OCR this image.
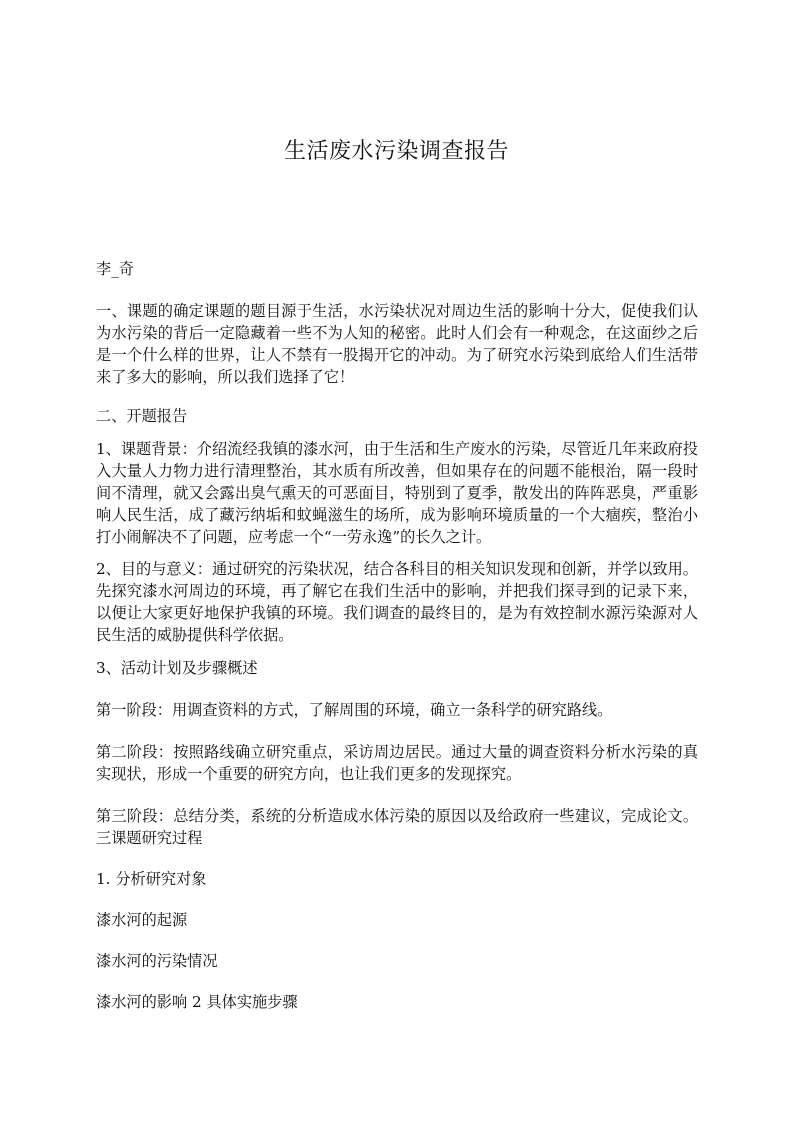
生活废水污染调查报告

李_奇

一、课题的确定课题的题目源于生活，水污染状况对周边生活的影响十分大，促使我们认为水污染的背后一定隐藏着一些不为人知的秘密。此时人们会有一种观念，在这面纱之后是一个什么样的世界，让人不禁有一股揭开它的冲动。为了研究水污染到底给人们生活带来了多大的影响，所以我们选择了它！

二、开题报告

1、课题背景：介绍流经我镇的漆水河，由于生活和生产废水的污染，尽管近几年来政府投入大量人力物力进行清理整治，其水质有所改善，但如果存在的问题不能根治，隔一段时间不清理，就又会露出臭气熏天的可恶面目，特别到了夏季，散发出的阵阵恶臭，严重影响人民生活，成了藏污纳垢和蚊蝇滋生的场所，成为影响环境质量的一个大痼疾，整治小打小闹解决不了问题，应考虑一个“一劳永逸”的长久之计。

2、目的与意义：通过研究的污染状况，结合各科目的相关知识发现和创新，并学以致用。先探究漆水河周边的环境，再了解它在我们生活中的影响，并把我们探寻到的记录下来，以便让大家更好地保护我镇的环境。我们调查的最终目的，是为有效控制水源污染源对人民生活的威胁提供科学依据。

3、活动计划及步骤概述

第一阶段：用调查资料的方式，了解周围的环境，确立一条科学的研究路线。

第二阶段：按照路线确立研究重点，采访周边居民。通过大量的调查资料分析水污染的真实现状，形成一个重要的研究方向，也让我们更多的发现探究。

第三阶段：总结分类，系统的分析造成水体污染的原因以及给政府一些建议，完成论文。三课题研究过程

1. 分析研究对象

漆水河的起源

漆水河的污染情况

漆水河的影响 2 具体实施步骤
